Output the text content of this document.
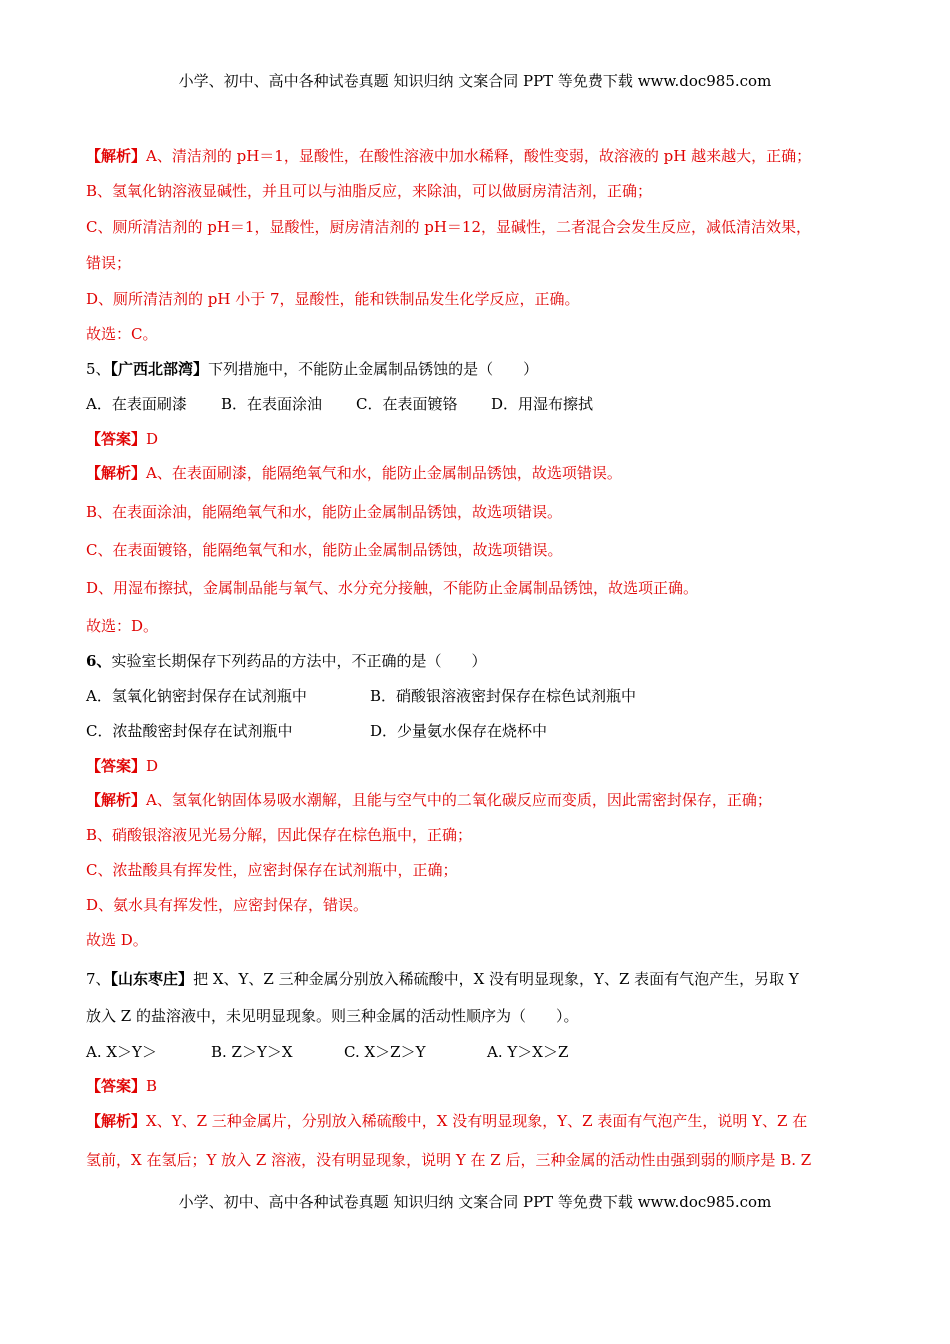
小学、初中、高中各种试卷真题 知识归纳 文案合同 PPT 等免费下载 www.doc985.com
【解析】A、清洁剂的 pH＝1，显酸性，在酸性溶液中加水稀释，酸性变弱，故溶液的 pH 越来越大，正确；
B、氢氧化钠溶液显碱性，并且可以与油脂反应，来除油，可以做厨房清洁剂，正确；
C、厕所清洁剂的 pH＝1，显酸性，厨房清洁剂的 pH＝12，显碱性，二者混合会发生反应，减低清洁效果，
错误；
D、厕所清洁剂的 pH 小于 7，显酸性，能和铁制品发生化学反应，正确。
故选：C。
5、【广西北部湾】下列措施中，不能防止金属制品锈蚀的是（　　）
A．在表面刷漆 B．在表面涂油 C．在表面镀铬 D．用湿布擦拭
【答案】D
【解析】A、在表面刷漆，能隔绝氧气和水，能防止金属制品锈蚀，故选项错误。
B、在表面涂油，能隔绝氧气和水，能防止金属制品锈蚀，故选项错误。
C、在表面镀铬，能隔绝氧气和水，能防止金属制品锈蚀，故选项错误。
D、用湿布擦拭，金属制品能与氧气、水分充分接触，不能防止金属制品锈蚀，故选项正确。
故选：D。
6、实验室长期保存下列药品的方法中，不正确的是（　　）
A．氢氧化钠密封保存在试剂瓶中	B．硝酸银溶液密封保存在棕色试剂瓶中
C．浓盐酸密封保存在试剂瓶中	D．少量氨水保存在烧杯中
【答案】D
【解析】A、氢氧化钠固体易吸水潮解，且能与空气中的二氧化碳反应而变质，因此需密封保存，正确；
B、硝酸银溶液见光易分解，因此保存在棕色瓶中，正确；
C、浓盐酸具有挥发性，应密封保存在试剂瓶中，正确；
D、氨水具有挥发性，应密封保存，错误。
故选 D。
7、【山东枣庄】把 X、Y、Z 三种金属分别放入稀硫酸中，X 没有明显现象，Y、Z 表面有气泡产生，另取 Y
放入 Z 的盐溶液中，未见明显现象。则三种金属的活动性顺序为（　　）。
A. X＞Y＞	B. Z＞Y＞X	C. X＞Z＞Y	A. Y＞X＞Z
【答案】B
【解析】X、Y、Z 三种金属片，分别放入稀硫酸中，X 没有明显现象，Y、Z 表面有气泡产生，说明 Y、Z 在
氢前，X 在氢后；Y 放入 Z 溶液，没有明显现象，说明 Y 在 Z 后，三种金属的活动性由强到弱的顺序是 B. Z
小学、初中、高中各种试卷真题 知识归纳 文案合同 PPT 等免费下载 www.doc985.com
